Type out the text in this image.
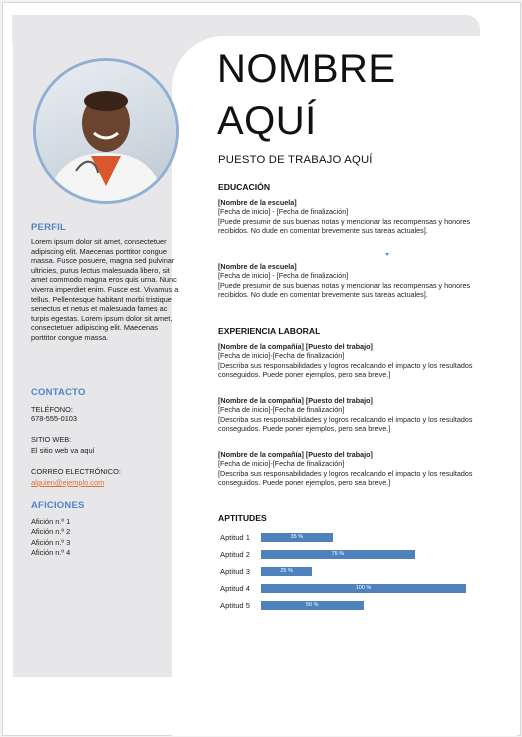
PERFIL
Lorem ipsum dolor sit amet, consectetuer adipiscing elit. Maecenas porttitor congue massa. Fusce posuere, magna sed pulvinar ultricies, purus lectus malesuada libero, sit amet commodo magna eros quis urna. Nunc viverra imperdiet enim. Fusce est. Vivamus a tellus. Pellentesque habitant morbi tristique senectus et netus et malesuada fames ac turpis egestas. Lorem ipsum dolor sit amet, consectetuer adipiscing elit. Maecenas porttitor congue massa.
CONTACTO
TELÉFONO:
678-555-0103
SITIO WEB:
El sitio web va aquí
CORREO ELECTRÓNICO:
alguien@ejemplo.com
AFICIONES
Afición n.º 1
Afición n.º 2
Afición n.º 3
Afición n.º 4
NOMBRE
AQUÍ
PUESTO DE TRABAJO AQUÍ
EDUCACIÓN
[Nombre de la escuela]
[Fecha de inicio] - [Fecha de finalización]
[Puede presumir de sus buenas notas y mencionar las recompensas y honores recibidos. No dude en comentar brevemente sus tareas actuales].
[Nombre de la escuela]
[Fecha de inicio] - [Fecha de finalización]
[Puede presumir de sus buenas notas y mencionar las recompensas y honores recibidos. No dude en comentar brevemente sus tareas actuales].
EXPERIENCIA LABORAL
[Nombre de la compañía] [Puesto del trabajo]
[Fecha de inicio]-[Fecha de finalización]
[Describa sus responsabilidades y logros recalcando el impacto y los resultados conseguidos. Puede poner ejemplos, pero sea breve.]
[Nombre de la compañía] [Puesto del trabajo]
[Fecha de inicio]-[Fecha de finalización]
[Describa sus responsabilidades y logros recalcando el impacto y los resultados conseguidos. Puede poner ejemplos, pero sea breve.]
[Nombre de la compañía] [Puesto del trabajo]
[Fecha de inicio]-[Fecha de finalización]
[Describa sus responsabilidades y logros recalcando el impacto y los resultados conseguidos. Puede poner ejemplos, pero sea breve.]
APTITUDES
Aptitud 1	35 %
Aptitud 2	75 %
Aptitud 3	25 %
Aptitud 4	100 %
Aptitud 5	50 %
